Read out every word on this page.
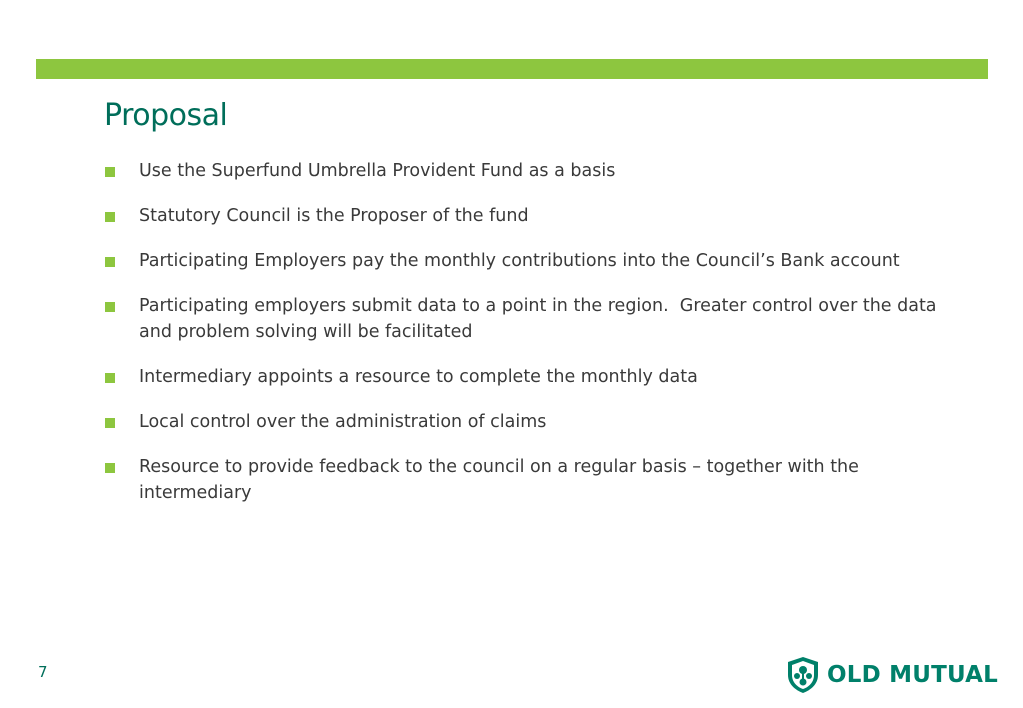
Proposal
Use the Superfund Umbrella Provident Fund as a basis
Statutory Council is the Proposer of the fund
Participating Employers pay the monthly contributions into the Council’s Bank account
Participating employers submit data to a point in the region.  Greater control over the data and problem solving will be facilitated
Intermediary appoints a resource to complete the monthly data
Local control over the administration of claims
Resource to provide feedback to the council on a regular basis – together with the intermediary
7	OLD MUTUAL
